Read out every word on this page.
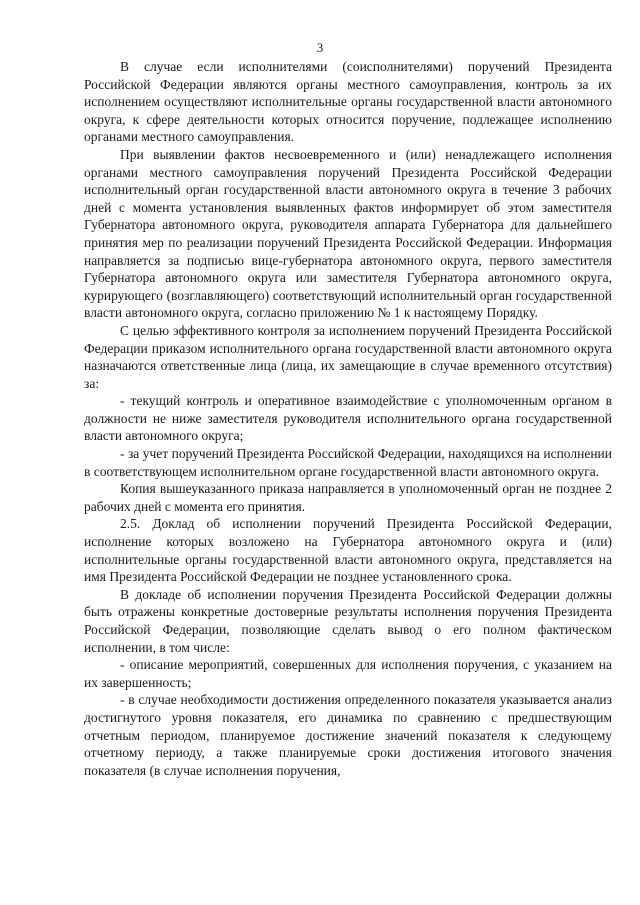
3

В случае если исполнителями (соисполнителями) поручений Президента Российской Федерации являются органы местного самоуправления, контроль за их исполнением осуществляют исполнительные органы государственной власти автономного округа, к сфере деятельности которых относится поручение, подлежащее исполнению органами местного самоуправления.

При выявлении фактов несвоевременного и (или) ненадлежащего исполнения органами местного самоуправления поручений Президента Российской Федерации исполнительный орган государственной власти автономного округа в течение 3 рабочих дней с момента установления выявленных фактов информирует об этом заместителя Губернатора автономного округа, руководителя аппарата Губернатора для дальнейшего принятия мер по реализации поручений Президента Российской Федерации. Информация направляется за подписью вице-губернатора автономного округа, первого заместителя Губернатора автономного округа или заместителя Губернатора автономного округа, курирующего (возглавляющего) соответствующий исполнительный орган государственной власти автономного округа, согласно приложению № 1 к настоящему Порядку.

С целью эффективного контроля за исполнением поручений Президента Российской Федерации приказом исполнительного органа государственной власти автономного округа назначаются ответственные лица (лица, их замещающие в случае временного отсутствия) за:

- текущий контроль и оперативное взаимодействие с уполномоченным органом в должности не ниже заместителя руководителя исполнительного органа государственной власти автономного округа;

- за учет поручений Президента Российской Федерации, находящихся на исполнении в соответствующем исполнительном органе государственной власти автономного округа.

Копия вышеуказанного приказа направляется в уполномоченный орган не позднее 2 рабочих дней с момента его принятия.

2.5. Доклад об исполнении поручений Президента Российской Федерации, исполнение которых возложено на Губернатора автономного округа и (или) исполнительные органы государственной власти автономного округа, представляется на имя Президента Российской Федерации не позднее установленного срока.

В докладе об исполнении поручения Президента Российской Федерации должны быть отражены конкретные достоверные результаты исполнения поручения Президента Российской Федерации, позволяющие сделать вывод о его полном фактическом исполнении, в том числе:

- описание мероприятий, совершенных для исполнения поручения, с указанием на их завершенность;

- в случае необходимости достижения определенного показателя указывается анализ достигнутого уровня показателя, его динамика по сравнению с предшествующим отчетным периодом, планируемое достижение значений показателя к следующему отчетному периоду, а также планируемые сроки достижения итогового значения показателя (в случае исполнения поручения,
